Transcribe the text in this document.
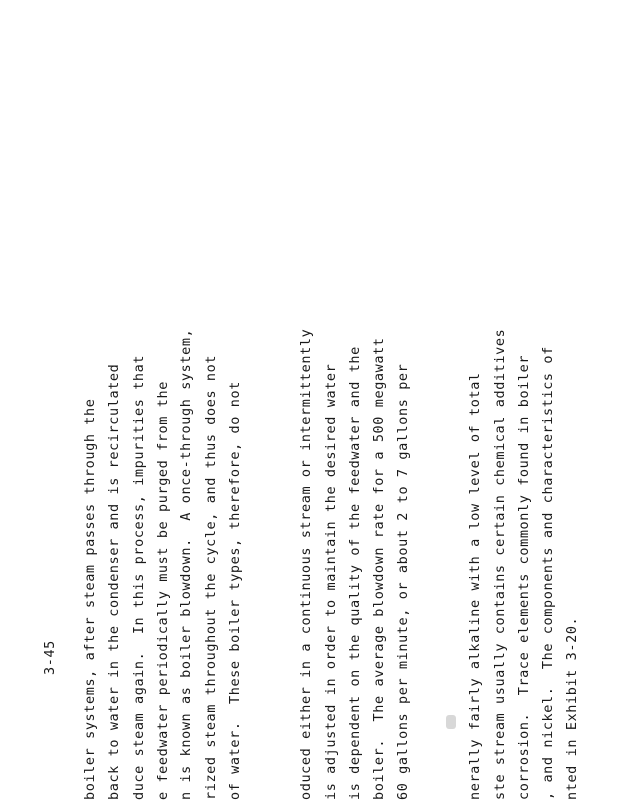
3-45 boiler systems, after steam passes through the back to water in the condenser and is recirculated duce steam again.  In this process, impurities that e feedwater periodically must be purged from the n is known as boiler blowdown.  A once-through system, rized steam throughout the cycle, and thus does not of water.  These boiler types, therefore, do not	oduced either in a continuous stream or intermittently is adjusted in order to maintain the desired water is dependent on the quality of the feedwater and the boiler.  The average blowdown rate for a 500 megawatt 60 gallons per minute, or about 2 to 7 gallons per	nerally fairly alkaline with a low level of total ste stream usually contains certain chemical additives corrosion.  Trace elements commonly found in boiler , and nickel.  The components and characteristics of nted in Exhibit 3-20.
